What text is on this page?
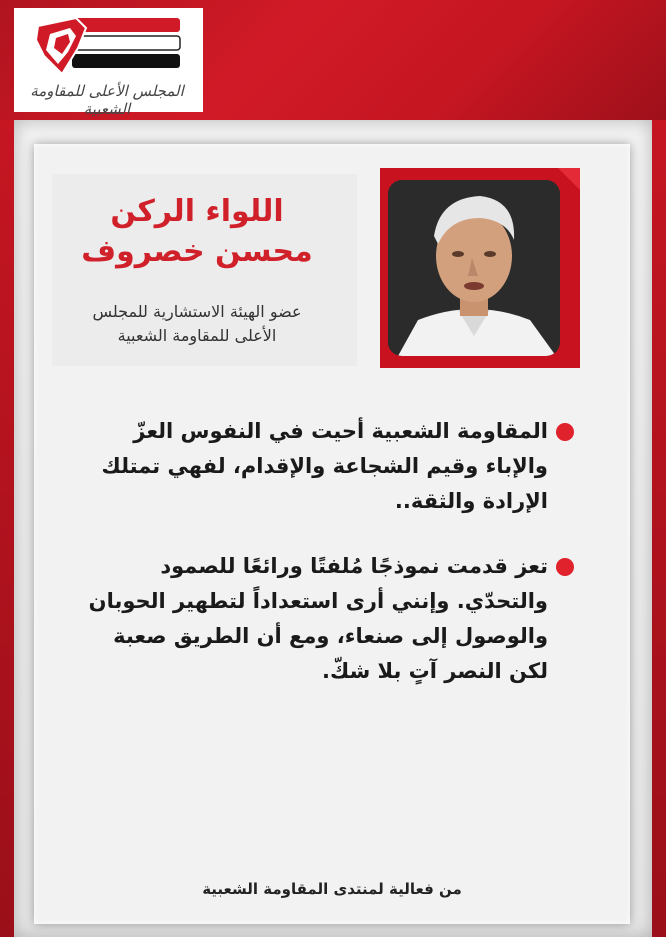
المجلس الأعلى للمقاومة الشعبية
اللواء الركن
محسن خصروف
عضو الهيئة الاستشارية للمجلس
الأعلى للمقاومة الشعبية
المقاومة الشعبية أحيت في النفوس العزّ والإباء وقيم الشجاعة والإقدام، لفهي تمتلك الإرادة والثقة..
تعز قدمت نموذجًا مُلفتًا ورائعًا للصمود والتحدّي. وإنني أرى استعداداً لتطهير الحوبان والوصول إلى صنعاء، ومع أن الطريق صعبة لكن النصر آتٍ بلا شكّ.
من فعالية لمنتدى المقاومة الشعبية
